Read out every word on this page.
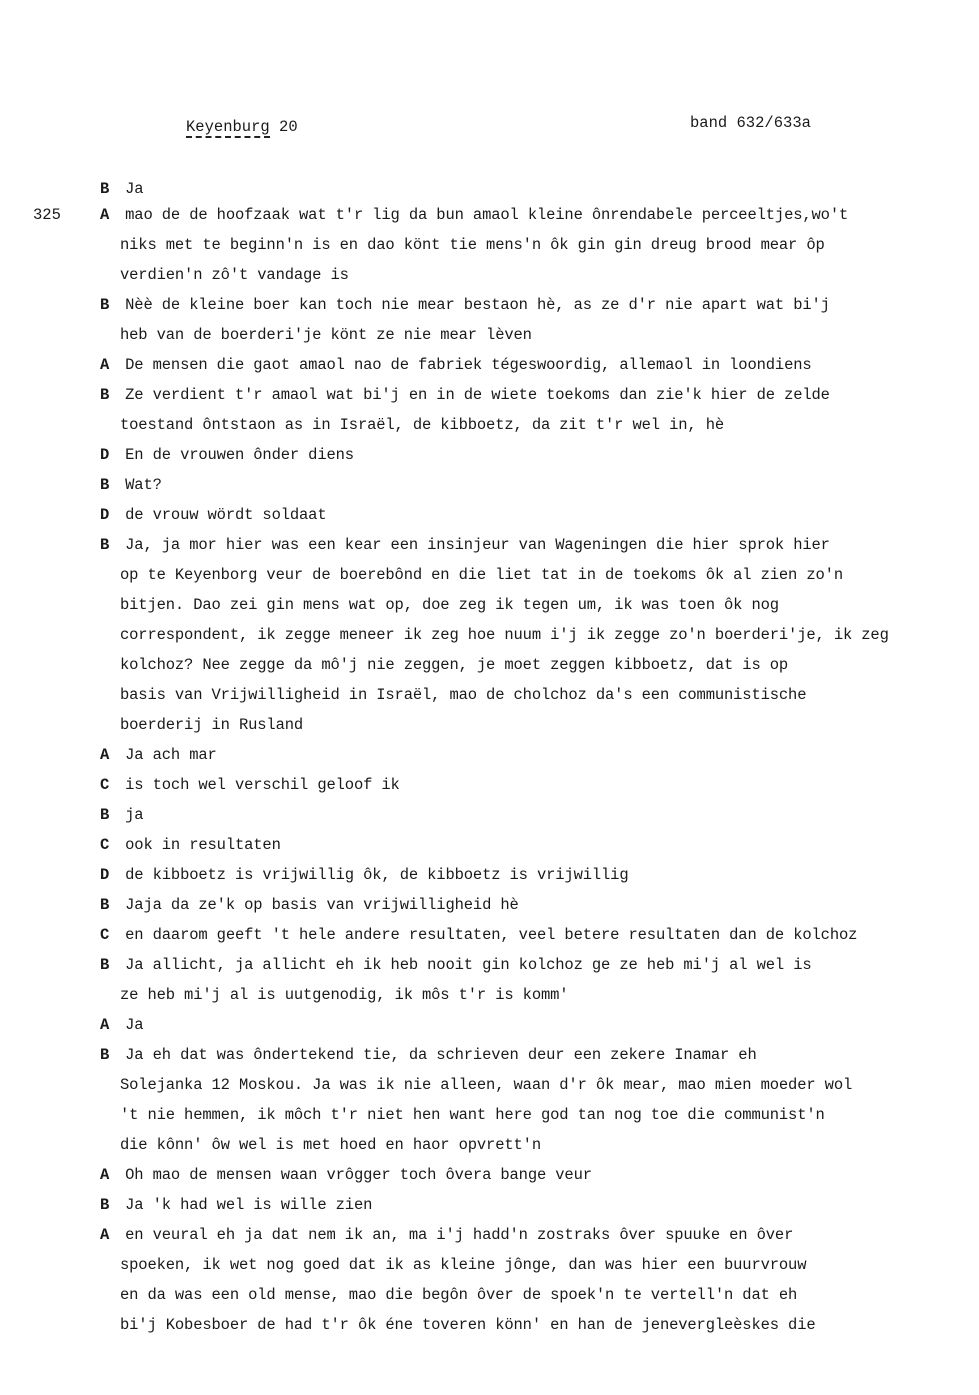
Keyenburg 20	band 632/633a
325
B Ja
A mao de de hoofzaak wat t'r lig da bun amaol kleine ônrendabele perceeltjes,wo't
niks met te beginn'n is en dao könt tie mens'n ôk gin gin dreug brood mear ôp
verdien'n zô't vandage is
B Nèè de kleine boer kan toch nie mear bestaon hè, as ze d'r nie apart wat bi'j
heb van de boerderi'je könt ze nie mear lèven
A De mensen die gaot amaol nao de fabriek tégeswoordig, allemaol in loondiens
B Ze verdient t'r amaol wat bi'j en in de wiete toekoms dan zie'k hier de zelde
toestand ôntstaon as in Israël, de kibboetz, da zit t'r wel in, hè
D En de vrouwen ônder diens
B Wat?
D de vrouw wördt soldaat
B Ja, ja mor hier was een kear een insinjeur van Wageningen die hier sprok hier
op te Keyenborg veur de boerebônd en die liet tat in de toekoms ôk al zien zo'n
bitjen. Dao zei gin mens wat op, doe zeg ik tegen um, ik was toen ôk nog
correspondent, ik zegge meneer ik zeg hoe nuum i'j ik zegge zo'n boerderi'je, ik zeg
kolchoz? Nee zegge da mô'j nie zeggen, je moet zeggen kibboetz, dat is op
basis van Vrijwilligheid in Israël, mao de cholchoz da's een communistische
boerderij in Rusland
A Ja ach mar
C is toch wel verschil geloof ik
B ja
C ook in resultaten
D de kibboetz is vrijwillig ôk, de kibboetz is vrijwillig
B Jaja da ze'k op basis van vrijwilligheid hè
C en daarom geeft 't hele andere resultaten, veel betere resultaten dan de kolchoz
B Ja allicht, ja allicht eh ik heb nooit gin kolchoz ge ze heb mi'j al wel is
ze heb mi'j al is uutgenodig, ik môs t'r is komm'
A Ja
B Ja eh dat was ôndertekend tie, da schrieven deur een zekere Inamar eh
Solejanka 12 Moskou. Ja was ik nie alleen, waan d'r ôk mear, mao mien moeder wol
't nie hemmen, ik môch t'r niet hen want here god tan nog toe die communist'n
die kônn' ôw wel is met hoed en haor opvrett'n
A Oh mao de mensen waan vrôgger toch ôvera bange veur
B Ja 'k had wel is wille zien
A en veural eh ja dat nem ik an, ma i'j hadd'n zostraks ôver spuuke en ôver
spoeken, ik wet nog goed dat ik as kleine jônge, dan was hier een buurvrouw
en da was een old mense, mao die begôn ôver de spoek'n te vertell'n dat eh
bi'j Kobesboer de had t'r ôk éne toveren könn' en han de jenevergleèskes die
